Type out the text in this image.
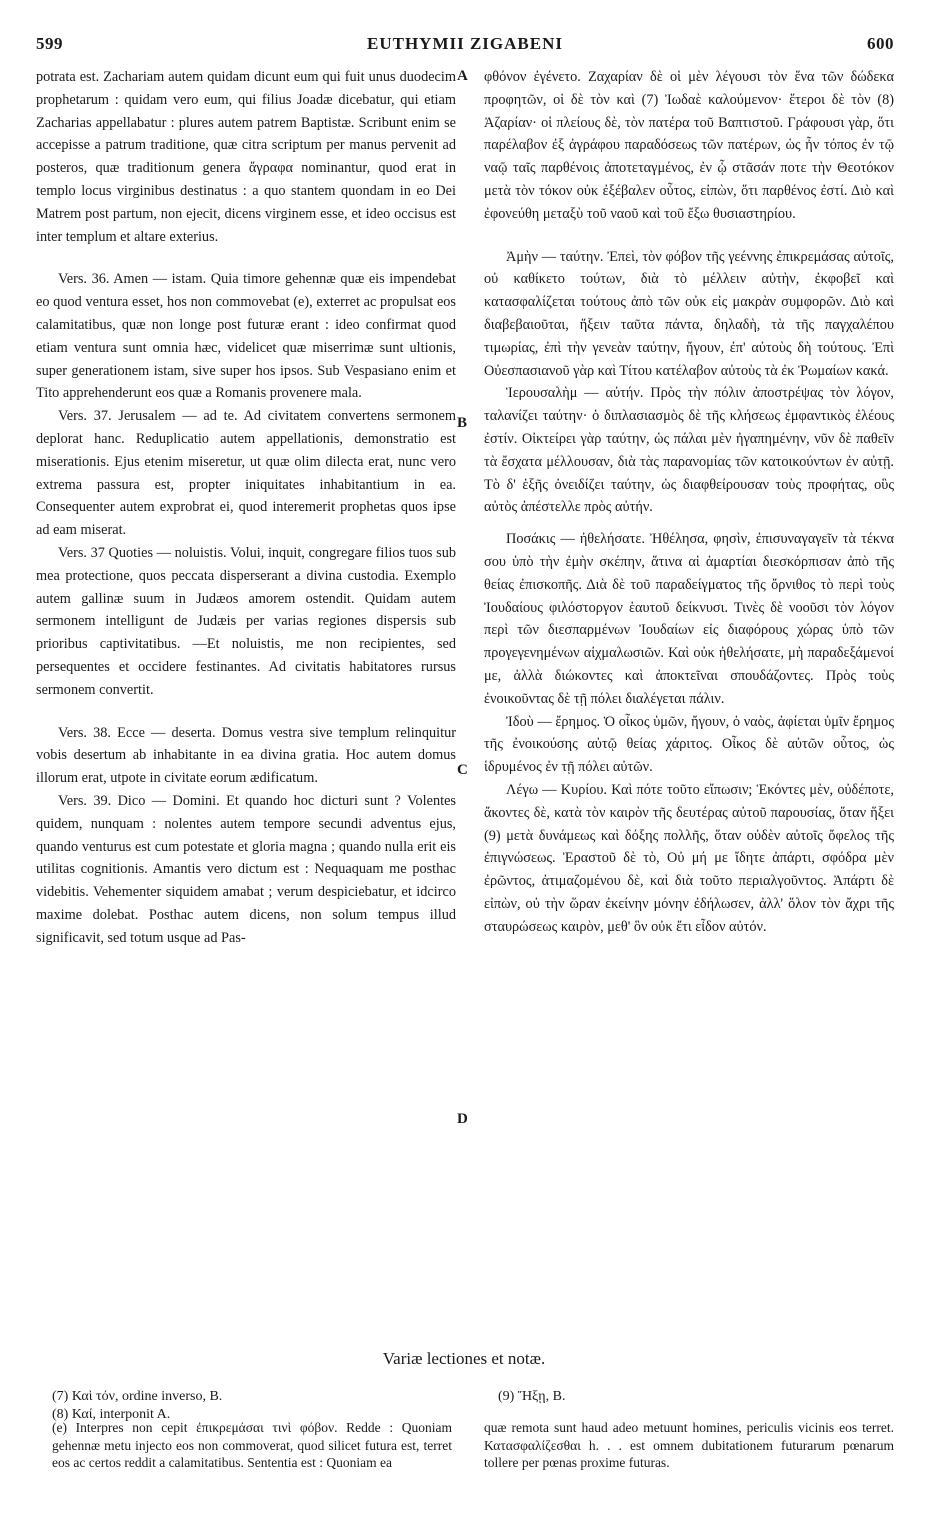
599	EUTHYMII ZIGABENI	600

potrata est. Zachariam autem quidam dicunt eum qui fuit unus duodecim prophetarum : quidam vero eum, qui filius Joadæ dicebatur, qui etiam Zacharias appellabatur : plures autem patrem Baptistæ. Scribunt enim se accepisse a patrum traditione, quæ citra scriptum per manus pervenit ad posteros, quæ traditionum genera ἄγραφα nominantur, quod erat in templo locus virginibus destinatus : a quo stantem quondam in eo Dei Matrem post partum, non ejecit, dicens virginem esse, et ideo occisus est inter templum et altare exterius.

Vers. 36. Amen — istam. Quia timore gehennæ quæ eis impendebat eo quod ventura esset, hos non commovebat (e), exterret ac propulsat eos calamitatibus, quæ non longe post futuræ erant : ideo confirmat quod etiam ventura sunt omnia hæc, videlicet quæ miserrimæ sunt ultionis, super generationem istam, sive super hos ipsos. Sub Vespasiano enim et Tito apprehenderunt eos quæ a Romanis provenere mala.

Vers. 37. Jerusalem — ad te. Ad civitatem convertens sermonem deplorat hanc. Reduplicatio autem appellationis, demonstratio est miserationis. Ejus etenim miseretur, ut quæ olim dilecta erat, nunc vero extrema passura est, propter iniquitates inhabitantium in ea. Consequenter autem exprobrat ei, quod interemerit prophetas quos ipse ad eam miserat.

Vers. 37 Quoties — noluistis. Volui, inquit, congregare filios tuos sub mea protectione, quos peccata disperserant a divina custodia. Exemplo autem gallinæ suum in Judæos amorem ostendit. Quidam autem sermonem intelligunt de Judæis per varias regiones dispersis sub prioribus captivitatibus. —Et noluistis, me non recipientes, sed persequentes et occidere festinantes. Ad civitatis habitatores rursus sermonem convertit.

Vers. 38. Ecce — deserta. Domus vestra sive templum relinquitur vobis desertum ab inhabitante in ea divina gratia. Hoc autem domus illorum erat, utpote in civitate eorum ædificatum.

Vers. 39. Dico — Domini. Et quando hoc dicturi sunt ? Volentes quidem, nunquam : nolentes autem tempore secundi adventus ejus, quando venturus est cum potestate et gloria magna ; quando nulla erit eis utilitas cognitionis. Amantis vero dictum est : Nequaquam me posthac videbitis. Vehementer siquidem amabat ; verum despiciebatur, et idcirco maxime dolebat. Posthac autem dicens, non solum tempus illud significavit, sed totum usque ad Pas-

φθόνον ἐγένετο. Ζαχαρίαν δὲ οἱ μὲν λέγουσι τὸν ἕνα τῶν δώδεκα προφητῶν, οἱ δὲ τὸν καὶ (7) Ἰωδαὲ καλούμενον· ἕτεροι δὲ τὸν (8) Ἀζαρίαν· οἱ πλείους δὲ, τὸν πατέρα τοῦ Βαπτιστοῦ. Γράφουσι γὰρ, ὅτι παρέλαβον ἐξ ἀγράφου παραδόσεως τῶν πατέρων, ὡς ἦν τόπος ἐν τῷ ναῷ ταῖς παρθένοις ἀποτεταγμένος, ἐν ᾧ στᾶσάν ποτε τὴν Θεοτόκον μετὰ τὸν τόκον οὐκ ἐξέβαλεν οὗτος, εἰπὼν, ὅτι παρθένος ἐστί. Διὸ καὶ ἐφονεύθη μεταξὺ τοῦ ναοῦ καὶ τοῦ ἔξω θυσιαστηρίου.

Ἀμὴν — ταύτην. Ἐπεὶ, τὸν φόβον τῆς γεέννης ἐπικρεμάσας αὐτοῖς, οὐ καθίκετο τούτων, διὰ τὸ μέλλειν αὐτὴν, ἐκφοβεῖ καὶ κατασφαλίζεται τούτους ἀπὸ τῶν οὐκ εἰς μακρὰν συμφορῶν. Διὸ καὶ διαβεβαιοῦται, ἥξειν ταῦτα πάντα, δηλαδὴ, τὰ τῆς παγχαλέπου τιμωρίας, ἐπὶ τὴν γενεὰν ταύτην, ἤγουν, ἐπ' αὐτοὺς δὴ τούτους. Ἐπὶ Οὐεσπασιανοῦ γὰρ καὶ Τίτου κατέλαβον αὐτοὺς τὰ ἐκ Ῥωμαίων κακά.

Ἱερουσαλὴμ — αὐτήν. Πρὸς τὴν πόλιν ἀποστρέψας τὸν λόγον, ταλανίζει ταύτην· ὁ διπλασιασμὸς δὲ τῆς κλήσεως ἐμφαντικὸς ἐλέους ἐστίν. Οἰκτείρει γὰρ ταύτην, ὡς πάλαι μὲν ἠγαπημένην, νῦν δὲ παθεῖν τὰ ἔσχατα μέλλουσαν, διὰ τὰς παρανομίας τῶν κατοικούντων ἐν αὐτῇ. Τὸ δ' ἑξῆς ὀνειδίζει ταύτην, ὡς διαφθείρουσαν τοὺς προφήτας, οὓς αὐτὸς ἀπέστελλε πρὸς αὐτήν.

Ποσάκις — ἠθελήσατε. Ἠθέλησα, φησὶν, ἐπισυναγαγεῖν τὰ τέκνα σου ὑπὸ τὴν ἐμὴν σκέπην, ἅτινα αἱ ἁμαρτίαι διεσκόρπισαν ἀπὸ τῆς θείας ἐπισκοπῆς. Διὰ δὲ τοῦ παραδείγματος τῆς ὄρνιθος τὸ περὶ τοὺς Ἰουδαίους φιλόστοργον ἑαυτοῦ δείκνυσι. Τινὲς δὲ νοοῦσι τὸν λόγον περὶ τῶν διεσπαρμένων Ἰουδαίων εἰς διαφόρους χώρας ὑπὸ τῶν προγεγενημένων αἰχμαλωσιῶν. Καὶ οὐκ ἠθελήσατε, μὴ παραδεξάμενοί με, ἀλλὰ διώκοντες καὶ ἀποκτεῖναι σπουδάζοντες. Πρὸς τοὺς ἐνοικοῦντας δὲ τῇ πόλει διαλέγεται πάλιν.

Ἰδοὺ — ἔρημος. Ὁ οἶκος ὑμῶν, ἤγουν, ὁ ναὸς, ἀφίεται ὑμῖν ἔρημος τῆς ἐνοικούσης αὐτῷ θείας χάριτος. Οἶκος δὲ αὐτῶν οὗτος, ὡς ἱδρυμένος ἐν τῇ πόλει αὐτῶν.

Λέγω — Κυρίου. Καὶ πότε τοῦτο εἴπωσιν; Ἑκόντες μὲν, οὐδέποτε, ἄκοντες δὲ, κατὰ τὸν καιρὸν τῆς δευτέρας αὐτοῦ παρουσίας, ὅταν ἥξει (9) μετὰ δυνάμεως καὶ δόξης πολλῆς, ὅταν οὐδὲν αὐτοῖς ὄφελος τῆς ἐπιγνώσεως. Ἐραστοῦ δὲ τὸ, Οὐ μή με ἴδητε ἀπάρτι, σφόδρα μὲν ἐρῶντος, ἀτιμαζομένου δὲ, καὶ διὰ τοῦτο περιαλγοῦντος. Ἀπάρτι δὲ εἰπὼν, οὐ τὴν ὥραν ἐκείνην μόνην ἐδήλωσεν, ἀλλ' ὅλον τὸν ἄχρι τῆς σταυρώσεως καιρὸν, μεθ' ὃν οὐκ ἔτι εἶδον αὐτόν.

A
B
C
D
Variæ lectiones et notæ.
(7) Καὶ τόν, ordine inverso, B.
(8) Καί, interponit A.
(9) Ἥξῃ, B.

(e) Interpres non cepit ἐπικρεμάσαι τινὶ φόβον. Redde : Quoniam gehennæ metu injecto eos non commoverat, quod silicet futura est, terret eos ac certos reddit a calamitatibus. Sententia est : Quoniam ea

quæ remota sunt haud adeo metuunt homines, periculis vicinis eos terret. Κατασφαλίζεσθαι h. . . est omnem dubitationem futurarum pœnarum tollere per pœnas proxime futuras.
